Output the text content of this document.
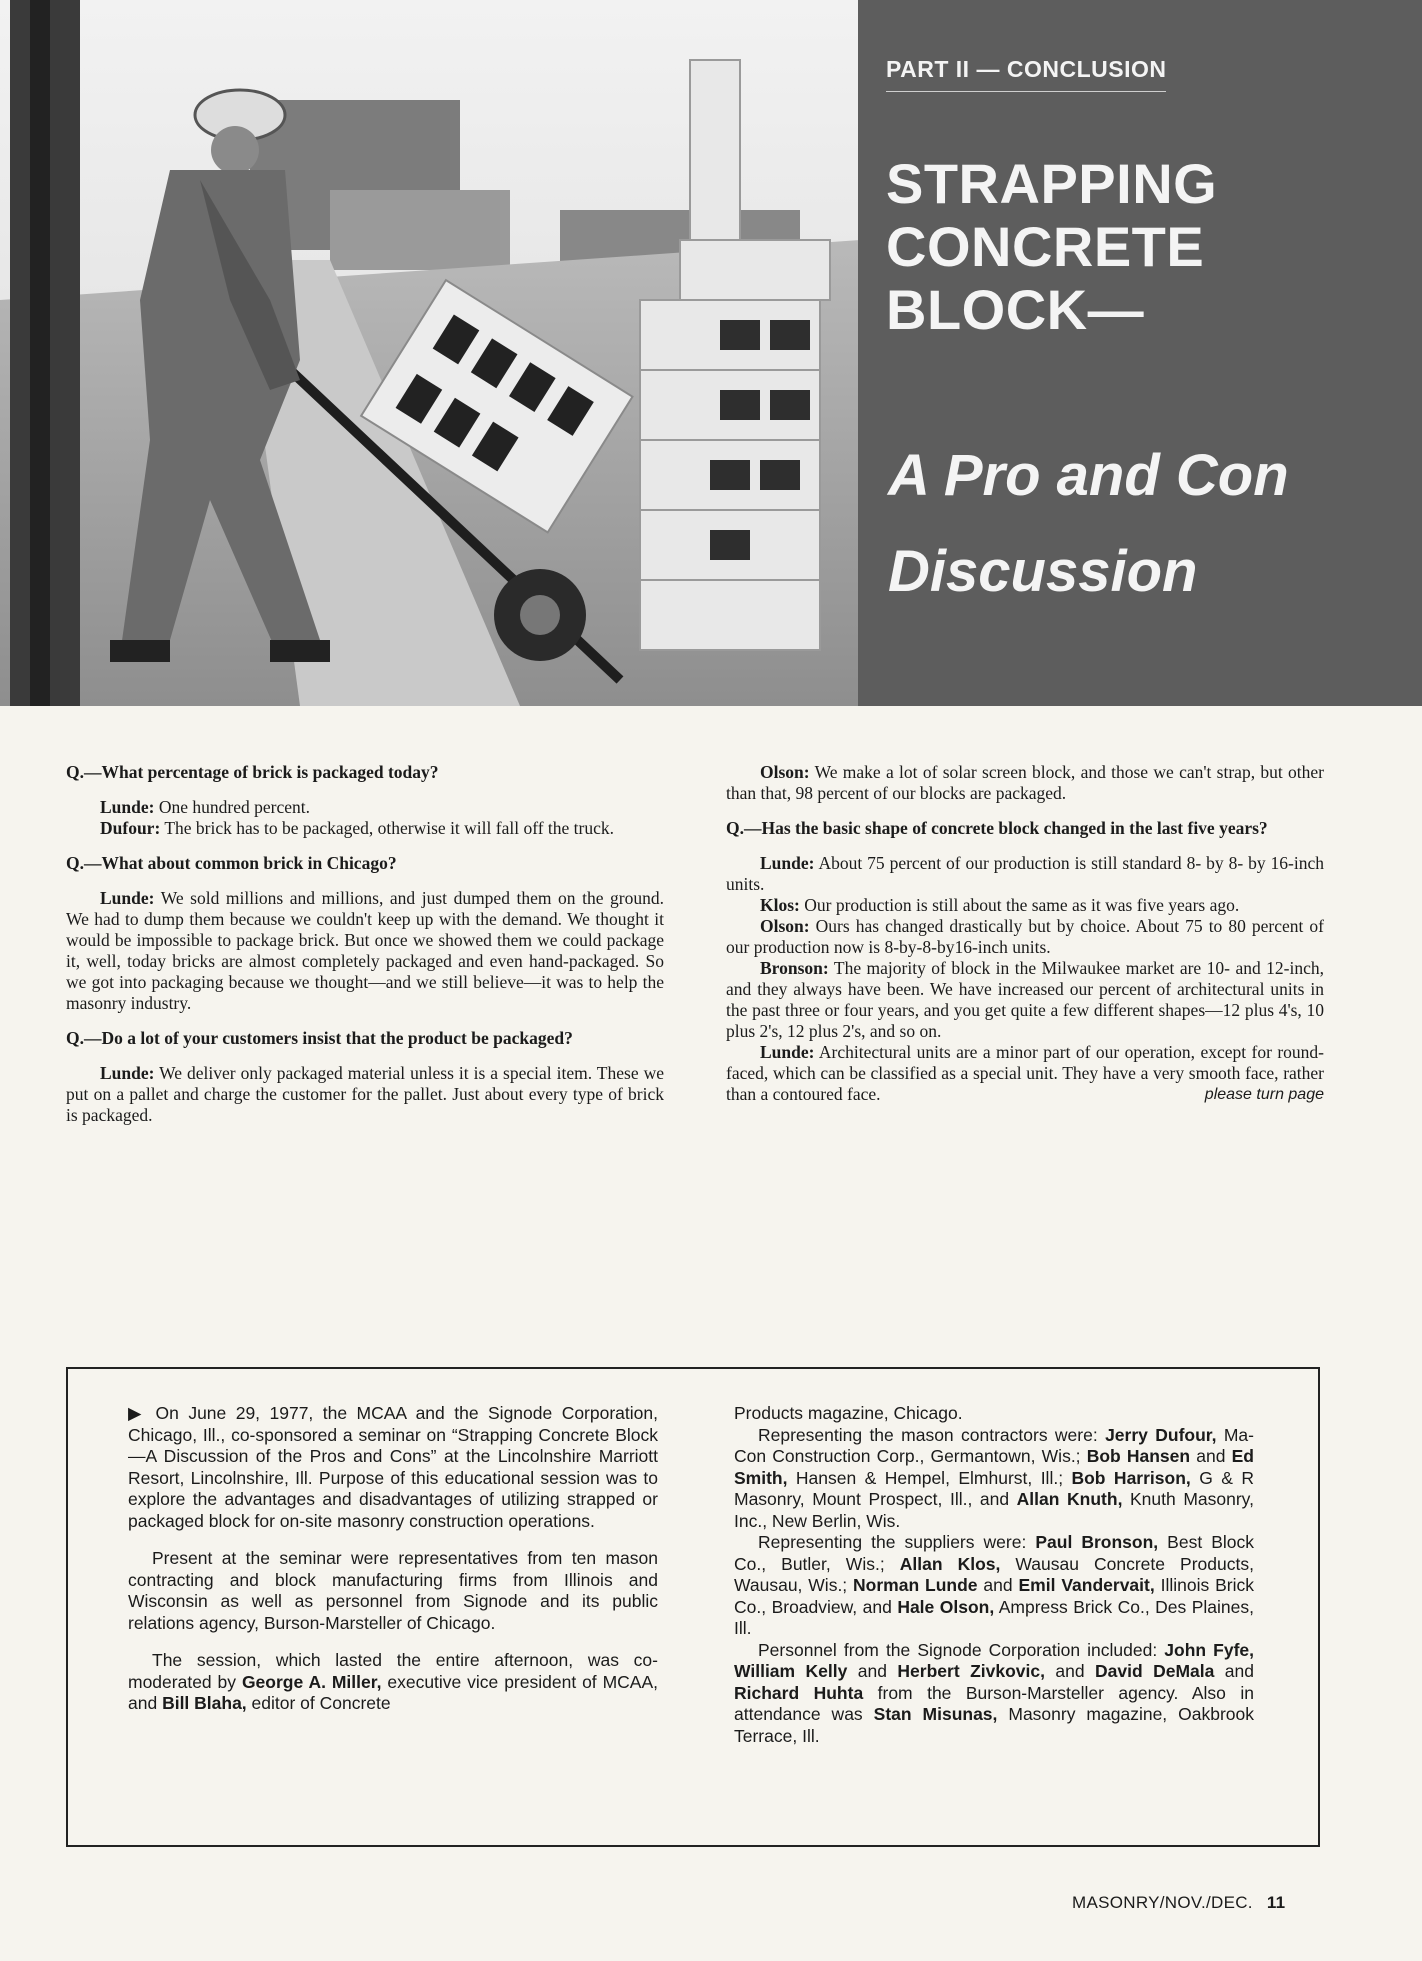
PART II — CONCLUSION
STRAPPING
CONCRETE
BLOCK—
A Pro and Con
Discussion

Q.—What percentage of brick is packaged today?

Lunde: One hundred percent.

Dufour: The brick has to be packaged, otherwise it will fall off the truck.

Q.—What about common brick in Chicago?

Lunde: We sold millions and millions, and just dumped them on the ground. We had to dump them because we couldn't keep up with the demand. We thought it would be impossible to package brick. But once we showed them we could package it, well, today bricks are almost completely packaged and even hand-packaged. So we got into packaging because we thought—and we still believe—it was to help the masonry industry.

Q.—Do a lot of your customers insist that the product be packaged?

Lunde: We deliver only packaged material unless it is a special item. These we put on a pallet and charge the customer for the pallet. Just about every type of brick is packaged.

Olson: We make a lot of solar screen block, and those we can't strap, but other than that, 98 percent of our blocks are packaged.

Q.—Has the basic shape of concrete block changed in the last five years?

Lunde: About 75 percent of our production is still standard 8- by 8- by 16-inch units.

Klos: Our production is still about the same as it was five years ago.

Olson: Ours has changed drastically but by choice. About 75 to 80 percent of our production now is 8-by-8-by16-inch units.

Bronson: The majority of block in the Milwaukee market are 10- and 12-inch, and they always have been. We have increased our percent of architectural units in the past three or four years, and you get quite a few different shapes—12 plus 4's, 10 plus 2's, 12 plus 2's, and so on.

Lunde: Architectural units are a minor part of our operation, except for round-faced, which can be classified as a special unit. They have a very smooth face, rather than a contoured face.	please turn page

▶ On June 29, 1977, the MCAA and the Signode Corporation, Chicago, Ill., co-sponsored a seminar on “Strapping Concrete Block—A Discussion of the Pros and Cons” at the Lincolnshire Marriott Resort, Lincolnshire, Ill. Purpose of this educational session was to explore the advantages and disadvantages of utilizing strapped or packaged block for on-site masonry construction operations.

Present at the seminar were representatives from ten mason contracting and block manufacturing firms from Illinois and Wisconsin as well as personnel from Signode and its public relations agency, Burson-Marsteller of Chicago.

The session, which lasted the entire afternoon, was co-moderated by George A. Miller, executive vice president of MCAA, and Bill Blaha, editor of Concrete

Products magazine, Chicago.

Representing the mason contractors were: Jerry Dufour, Ma-Con Construction Corp., Germantown, Wis.; Bob Hansen and Ed Smith, Hansen & Hempel, Elmhurst, Ill.; Bob Harrison, G & R Masonry, Mount Prospect, Ill., and Allan Knuth, Knuth Masonry, Inc., New Berlin, Wis.

Representing the suppliers were: Paul Bronson, Best Block Co., Butler, Wis.; Allan Klos, Wausau Concrete Products, Wausau, Wis.; Norman Lunde and Emil Vandervait, Illinois Brick Co., Broadview, and Hale Olson, Ampress Brick Co., Des Plaines, Ill.

Personnel from the Signode Corporation included: John Fyfe, William Kelly and Herbert Zivkovic, and David DeMala and Richard Huhta from the Burson-Marsteller agency. Also in attendance was Stan Misunas, Masonry magazine, Oakbrook Terrace, Ill.

MASONRY/NOV./DEC. 11
